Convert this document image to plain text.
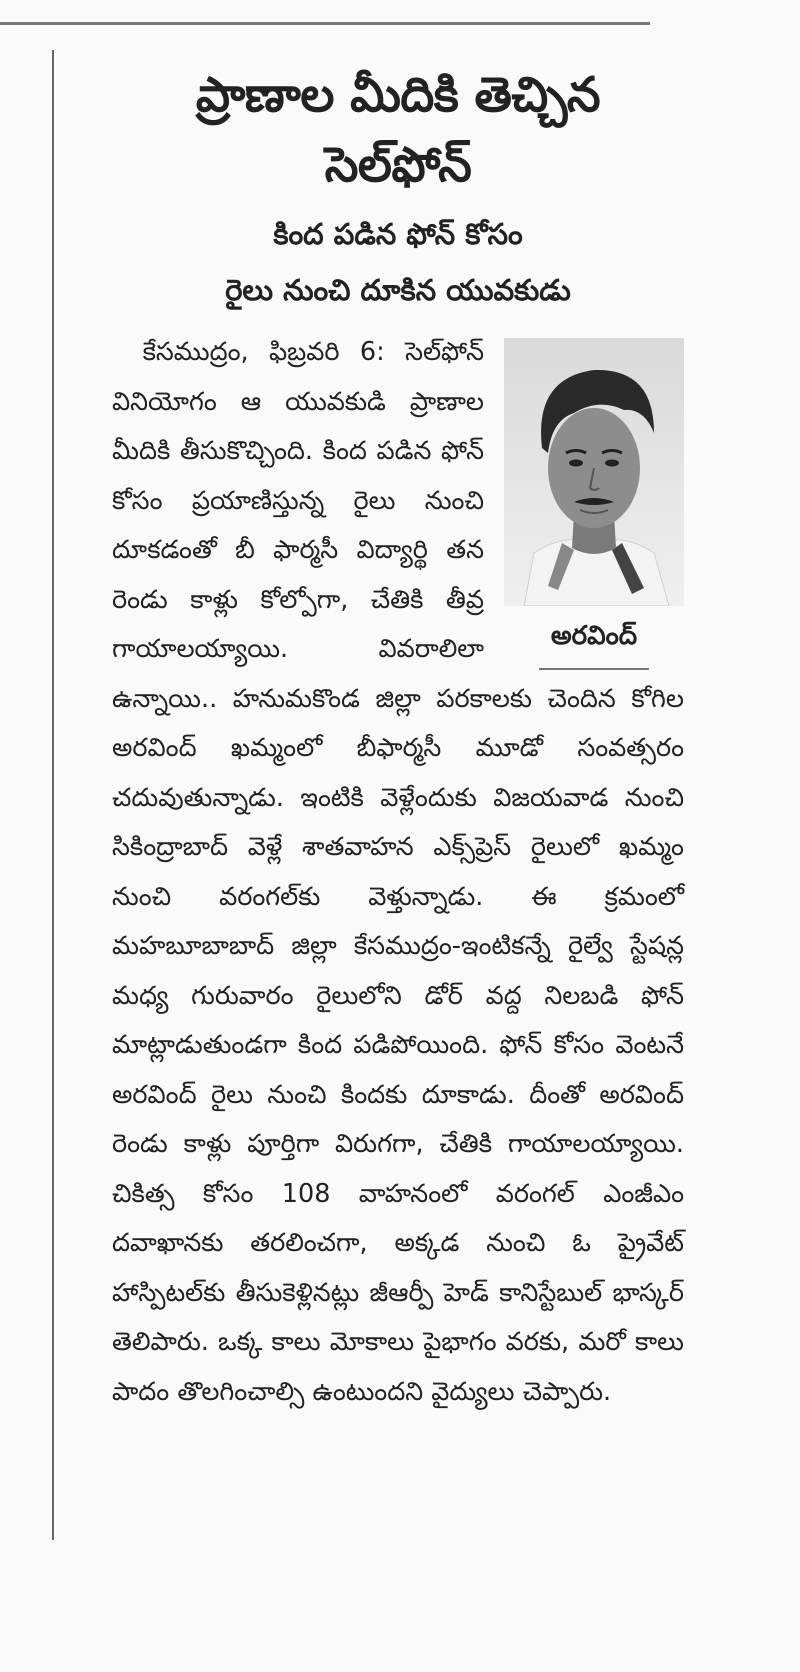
ప్రాణాల మీదికి తెచ్చిన
సెల్‌ఫోన్
కింద పడిన ఫోన్ కోసం
రైలు నుంచి దూకిన యువకుడు
అరవింద్

కేసముద్రం, ఫిబ్రవరి 6: సెల్‌ఫోన్ వినియోగం ఆ యువకుడి ప్రాణాల మీదికి తీసుకొచ్చింది. కింద పడిన ఫోన్ కోసం ప్రయాణిస్తున్న రైలు నుంచి దూకడంతో బీ ఫార్మసీ విద్యార్థి తన రెండు కాళ్లు కోల్పోగా, చేతికి తీవ్ర గాయాలయ్యాయి. వివరాలిలా ఉన్నాయి.. హనుమకొండ జిల్లా పరకాలకు చెందిన కోగిల అరవింద్ ఖమ్మంలో బీఫార్మసీ మూడో సంవత్సరం చదువుతున్నాడు. ఇంటికి వెళ్లేందుకు విజయవాడ నుంచి సికింద్రాబాద్ వెళ్లే శాతవాహన ఎక్స్‌ప్రెస్ రైలులో ఖమ్మం నుంచి వరంగల్‌కు వెళ్తున్నాడు. ఈ క్రమంలో మహబూబాబాద్ జిల్లా కేసముద్రం-ఇంటికన్నే రైల్వే స్టేషన్ల మధ్య గురువారం రైలులోని డోర్ వద్ద నిలబడి ఫోన్ మాట్లాడుతుండగా కింద పడిపోయింది. ఫోన్ కోసం వెంటనే అరవింద్ రైలు నుంచి కిందకు దూకాడు. దీంతో అరవింద్ రెండు కాళ్లు పూర్తిగా విరుగగా, చేతికి గాయాలయ్యాయి. చికిత్స కోసం 108 వాహనంలో వరంగల్ ఎంజీఎం దవాఖానకు తరలించగా, అక్కడ నుంచి ఓ ప్రైవేట్ హాస్పిటల్‌కు తీసుకెళ్లినట్లు జీఆర్పీ హెడ్ కానిస్టేబుల్ భాస్కర్ తెలిపారు. ఒక్క కాలు మోకాలు పైభాగం వరకు, మరో కాలు పాదం తొలగించాల్సి ఉంటుందని వైద్యులు చెప్పారు.
